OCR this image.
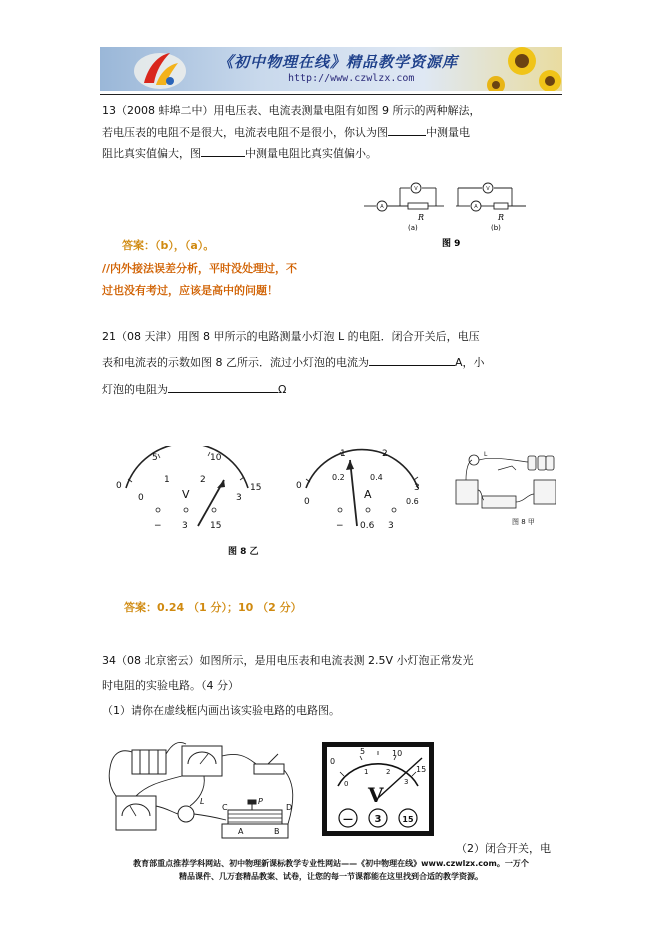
《初中物理在线》精品教学资源库
http://www.czwlzx.com
13（2008 蚌埠二中）用电压表、电流表测量电阻有如图 9 所示的两种解法，
若电压表的电阻不是很大，电流表电阻不是很小，你认为图	中测量电
阻比真实值偏大，图	中测量电阻比真实值偏小。
A
V	V
A
R	R
(a)	(b)
图 9
答案：（b），（a）。
//内外接法误差分析，平时没处理过，不
过也没有考过，应该是高中的问题！
21（08 天津）用图 8 甲所示的电路测量小灯泡 L 的电阻．闭合开关后，电压
表和电流表的示数如图 8 乙所示．流过小灯泡的电流为	A，小
灯泡的电阻为	Ω
0
5	10
15
0
1	2
3
V
0
0.2	0.4
0.6
0
1	2
3
A
− 3 15	− 0.6 3
图 8 乙
L
图 8 甲
答案：0.24 （1 分）；10 （2 分）
34（08 北京密云）如图所示，是用电压表和电流表测 2.5V 小灯泡正常发光
时电阻的实验电路。（4 分）
（1）请你在虚线框内画出该实验电路的电路图。
L
C
P
D
A	B
0
5	10
15
0
1	2
3
V
— 3	15
（2）闭合开关，电
教育部重点推荐学科网站、初中物理新课标教学专业性网站——《初中物理在线》www.czwlzx.com。一万个
精品课件、几万套精品教案、试卷，让您的每一节课都能在这里找到合适的教学资源。
